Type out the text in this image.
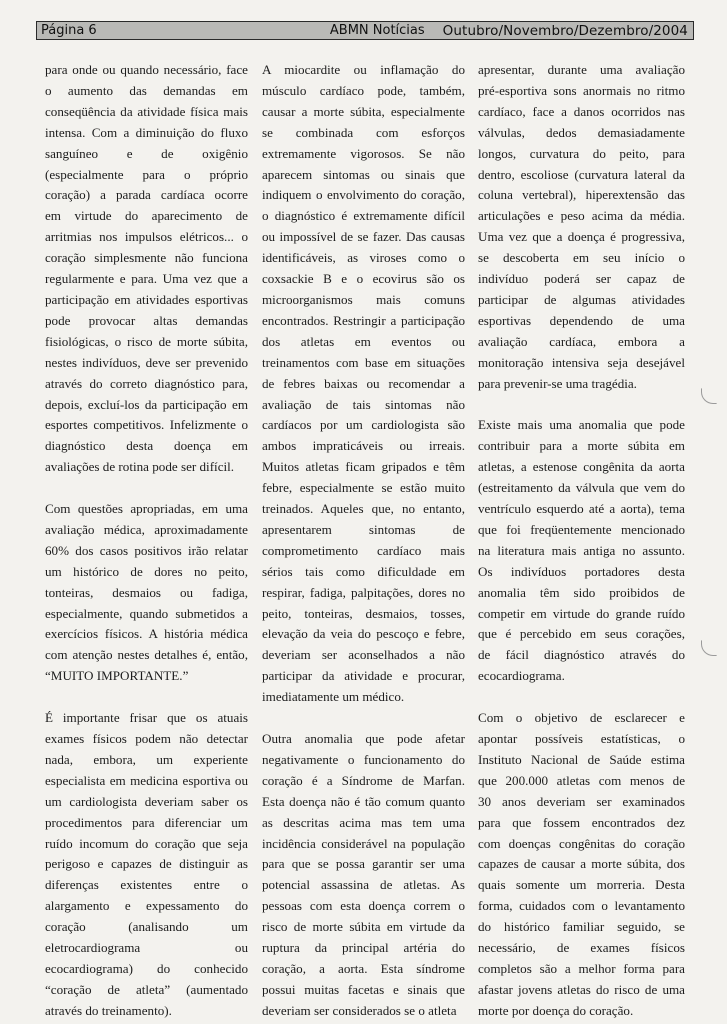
Página 6	ABMN Notícias Outubro/Novembro/Dezembro/2004

para onde ou quando necessário, face
o aumento das demandas em
conseqüência da atividade física mais
intensa. Com a diminuição do fluxo
sanguíneo e de oxigênio
(especialmente para o próprio
coração) a parada cardíaca ocorre
em virtude do aparecimento de
arritmias nos impulsos elétricos... o
coração simplesmente não funciona
regularmente e para. Uma vez que a
participação em atividades esportivas
pode provocar altas demandas
fisiológicas, o risco de morte súbita,
nestes indivíduos, deve ser prevenido
através do correto diagnóstico para,
depois, excluí-los da participação em
esportes competitivos. Infelizmente o
diagnóstico desta doença em
avaliações de rotina pode ser difícil.

Com questões apropriadas, em uma
avaliação médica, aproximadamente
60% dos casos positivos irão relatar
um histórico de dores no peito,
tonteiras, desmaios ou fadiga,
especialmente, quando submetidos a
exercícios físicos. A história médica
com atenção nestes detalhes é, então,
“MUITO IMPORTANTE.”

É importante frisar que os atuais
exames físicos podem não detectar
nada, embora, um experiente
especialista em medicina esportiva ou
um cardiologista deveriam saber os
procedimentos para diferenciar um
ruído incomum do coração que seja
perigoso e capazes de distinguir as
diferenças existentes entre o
alargamento e expessamento do
coração (analisando um
eletrocardiograma ou
ecocardiograma) do conhecido
“coração de atleta” (aumentado
através do treinamento).

A miocardite ou inflamação do
músculo cardíaco pode, também,
causar a morte súbita, especialmente
se combinada com esforços
extremamente vigorosos. Se não
aparecem sintomas ou sinais que
indiquem o envolvimento do coração,
o diagnóstico é extremamente difícil
ou impossível de se fazer. Das causas
identificáveis, as viroses como o
coxsackie B e o ecovirus são os
microorganismos mais comuns
encontrados. Restringir a participação
dos atletas em eventos ou
treinamentos com base em situações
de febres baixas ou recomendar a
avaliação de tais sintomas não
cardíacos por um cardiologista são
ambos impraticáveis ou irreais.
Muitos atletas ficam gripados e têm
febre, especialmente se estão muito
treinados. Aqueles que, no entanto,
apresentarem sintomas de
comprometimento cardíaco mais
sérios tais como dificuldade em
respirar, fadiga, palpitações, dores no
peito, tonteiras, desmaios, tosses,
elevação da veia do pescoço e febre,
deveriam ser aconselhados a não
participar da atividade e procurar,
imediatamente um médico.

Outra anomalia que pode afetar
negativamente o funcionamento do
coração é a Síndrome de Marfan.
Esta doença não é tão comum quanto
as descritas acima mas tem uma
incidência considerável na população
para que se possa garantir ser uma
potencial assassina de atletas. As
pessoas com esta doença correm o
risco de morte súbita em virtude da
ruptura da principal artéria do
coração, a aorta. Esta síndrome
possui muitas facetas e sinais que
deveriam ser considerados se o atleta

apresentar, durante uma avaliação
pré-esportiva sons anormais no ritmo
cardíaco, face a danos ocorridos nas
válvulas, dedos demasiadamente
longos, curvatura do peito, para
dentro, escoliose (curvatura lateral da
coluna vertebral), hiperextensão das
articulações e peso acima da média.
Uma vez que a doença é progressiva,
se descoberta em seu início o
indivíduo poderá ser capaz de
participar de algumas atividades
esportivas dependendo de uma
avaliação cardíaca, embora a
monitoração intensiva seja desejável
para prevenir-se uma tragédia.

Existe mais uma anomalia que pode
contribuir para a morte súbita em
atletas, a estenose congênita da aorta
(estreitamento da válvula que vem do
ventrículo esquerdo até a aorta), tema
que foi freqüentemente mencionado
na literatura mais antiga no assunto.
Os indivíduos portadores desta
anomalia têm sido proibidos de
competir em virtude do grande ruído
que é percebido em seus corações,
de fácil diagnóstico através do
ecocardiograma.

Com o objetivo de esclarecer e
apontar possíveis estatísticas, o
Instituto Nacional de Saúde estima
que 200.000 atletas com menos de
30 anos deveriam ser examinados
para que fossem encontrados dez
com doenças congênitas do coração
capazes de causar a morte súbita, dos
quais somente um morreria. Desta
forma, cuidados com o levantamento
do histórico familiar seguido, se
necessário, de exames físicos
completos são a melhor forma para
afastar jovens atletas do risco de uma
morte por doença do coração.
